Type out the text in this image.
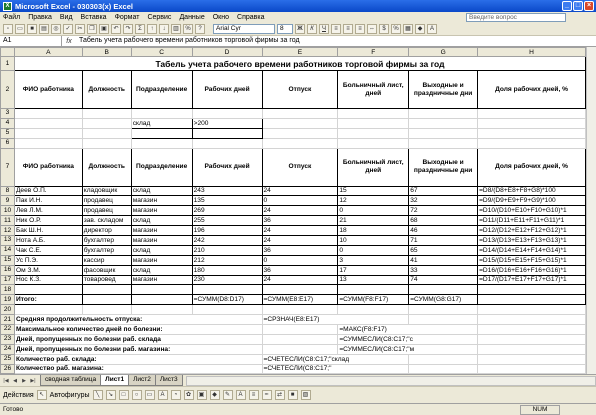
X Microsoft Excel - 030303(x) Excel	_ □ ×
Файл Правка Вид Вставка Формат Сервис Данные Окно Справка	Введите вопрос
▫	▭	■	▤	◎	✓	✂	❐	▣	↶	↷	Σ	↑	↓	▥	%	?	Arial Cyr	8	Ж	К	Ч	≡	≡	≡	⇔	$	%	▦	◆	A
A1	fx	Табель учета рабочего времени работников торговой фирмы за год
	A	B	C	D	E	F	G	H
1	Табель учета рабочего времени работников торговой фирмы за год							
2	ФИО работника	Должность	Подразделение	Рабочих дней	Отпуск	Больничный лист, дней	Выходные и праздничные дни	Доля рабочих дней, %
3								
4			склад	>200				
5								
6								
7	ФИО работника	Должность	Подразделение	Рабочих дней	Отпуск	Больничный лист, дней	Выходные и праздничные дни	Доля рабочих дней, %
8	Деев О.П.	кладовщик	склад	243	24	15	67	=D8/(D8+E8+F8+G8)*100
9	Пак И.Н.	продавец	магазин	135	0	12	32	=D9/(D9+E9+F9+G9)*100
10	Лев Л.М.	продавец	магазин	269	24	0	72	=D10/(D10+E10+F10+G10)*1
11	Ник О.Р.	зав. складом	склад	255	36	21	68	=D11/(D11+E11+F11+G11)*1
12	Бак Ш.Н.	директор	магазин	196	24	18	46	=D12/(D12+E12+F12+G12)*1
13	Нота А.Б.	бухгалтер	магазин	242	24	10	71	=D13/(D13+E13+F13+G13)*1
14	Чак С.Е.	бухгалтер	склад	210	36	0	65	=D14/(D14+E14+F14+G14)*1
15	Ус П.Э.	кассир	магазин	212	0	3	41	=D15/(D15+E15+F15+G15)*1
16	Ом З.М.	фасовщик	склад	180	36	17	33	=D16/(D16+E16+F16+G16)*1
17	Нос К.З.	товаровед	магазин	230	24	13	74	=D17/(D17+E17+F17+G17)*1
18								
19	Итого:			=СУММ(D8:D17)	=СУММ(E8:E17)	=СУММ(F8:F17)	=СУММ(G8:G17)	
20								
21	Средняя продолжительность отпуска:				=СРЗНАЧ(E8:E17)			
22	Максимальное количество дней по болезни:					=МАКС(F8:F17)		
23	Дней, пропущенных по болезни раб. склада					=СУММЕСЛИ(C8:C17;"с		
24	Дней, пропущенных по болезни раб. магазина:					=СУММЕСЛИ(C8:C17;"м		
25	Количество раб. склада:				=СЧЕТЕСЛИ(C8:C17;"склад			
26	Количество раб. магазина:				=СЧЕТЕСЛИ(C8:C17;"			

|◀ ◀	▶ ▶|	сводная таблица	Лист1	Лист2	Лист3
Действия ↖ Автофигуры	╲	↘	□	○	▭	A	◔	✿	▣	◆	✎	A	≡	┅	⇄	■	▧
Готово	NUM
